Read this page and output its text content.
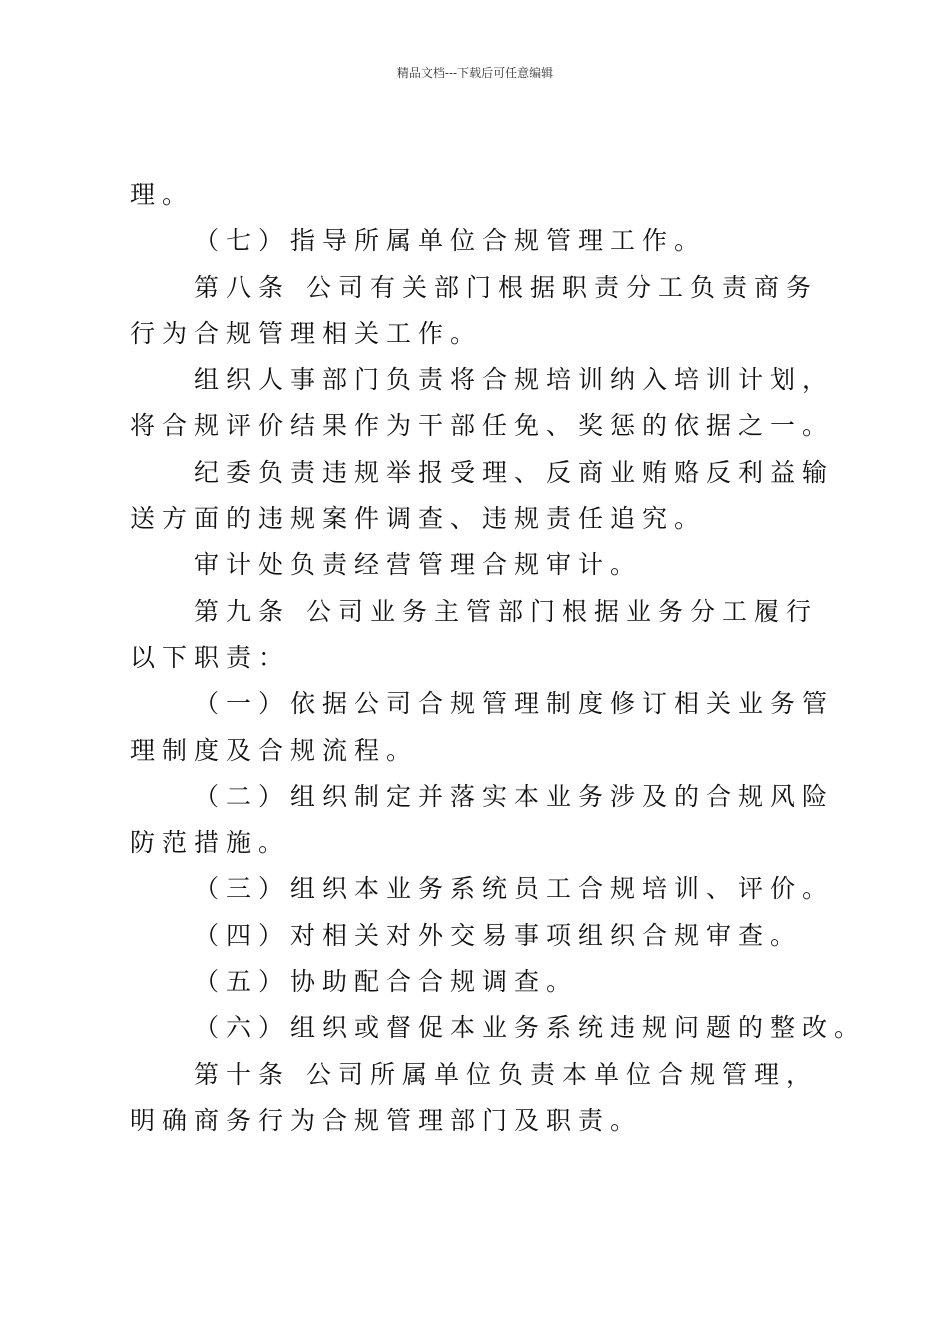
精品文档---下载后可任意编辑
理。
（七）指导所属单位合规管理工作。
第八条 公司有关部门根据职责分工负责商务
行为合规管理相关工作。
组织人事部门负责将合规培训纳入培训计划，
将合规评价结果作为干部任免、奖惩的依据之一。
纪委负责违规举报受理、反商业贿赂反利益输
送方面的违规案件调查、违规责任追究。
审计处负责经营管理合规审计。
第九条 公司业务主管部门根据业务分工履行
以下职责：
（一）依据公司合规管理制度修订相关业务管
理制度及合规流程。
（二）组织制定并落实本业务涉及的合规风险
防范措施。
（三）组织本业务系统员工合规培训、评价。
（四）对相关对外交易事项组织合规审查。
（五）协助配合合规调查。
（六）组织或督促本业务系统违规问题的整改。
第十条 公司所属单位负责本单位合规管理，
明确商务行为合规管理部门及职责。
